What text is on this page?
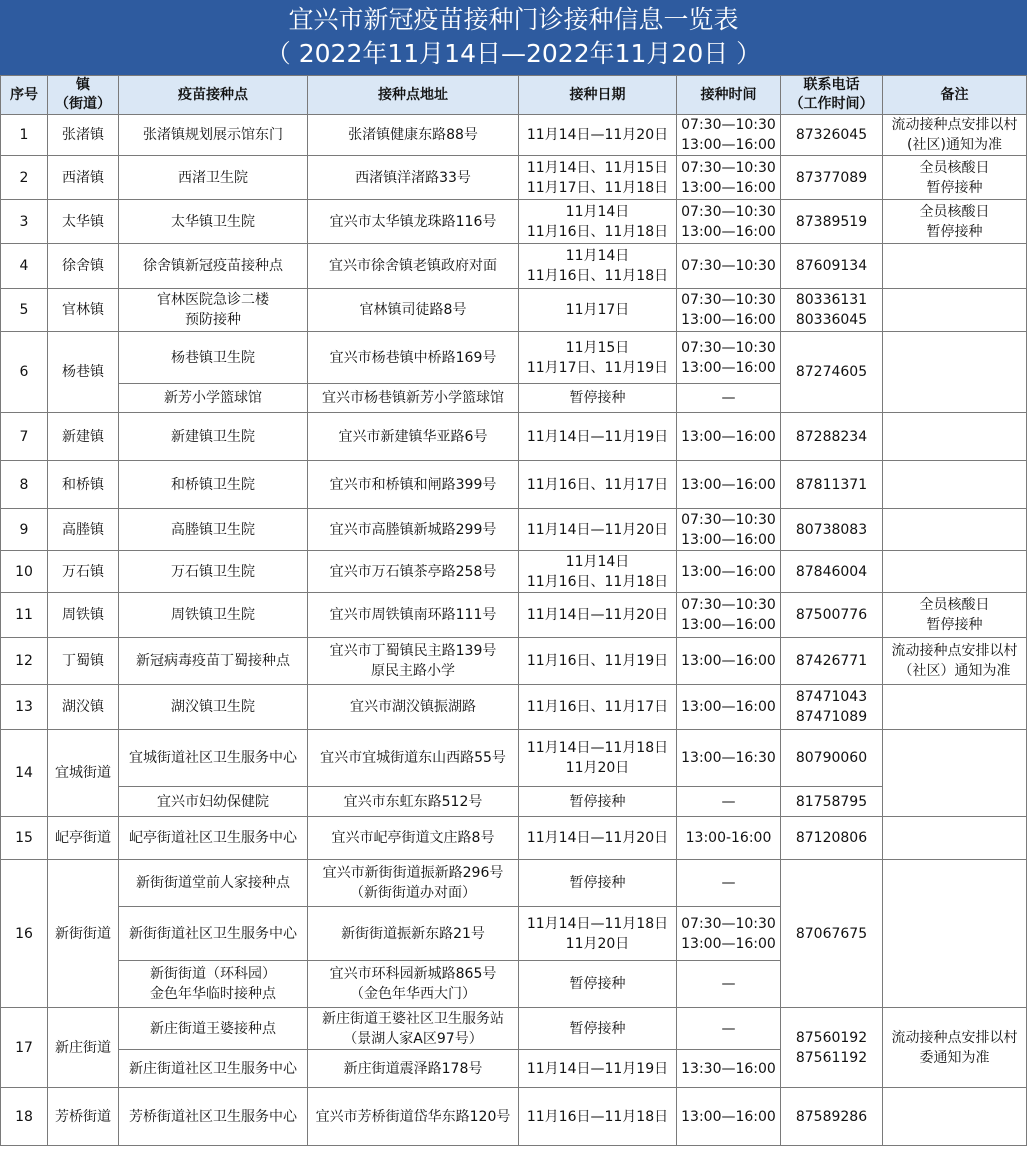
宜兴市新冠疫苗接种门诊接种信息一览表
（ 2022年11月14日—2022年11月20日 ）
序号	镇
（街道）	疫苗接种点	接种点地址	接种日期	接种时间	联系电话
（工作时间）	备注
1	张渚镇	张渚镇规划展示馆东门	张渚镇健康东路88号	11月14日—11月20日	07:30—10:30
13:00—16:00	87326045	流动接种点安排以村
(社区)通知为准
2	西渚镇	西渚卫生院	西渚镇洋渚路33号	11月14日、11月15日
11月17日、11月18日	07:30—10:30
13:00—16:00	87377089	全员核酸日
暂停接种
3	太华镇	太华镇卫生院	宜兴市太华镇龙珠路116号	11月14日
11月16日、11月18日	07:30—10:30
13:00—16:00	87389519	全员核酸日
暂停接种
4	徐舍镇	徐舍镇新冠疫苗接种点	宜兴市徐舍镇老镇政府对面	11月14日
11月16日、11月18日	07:30—10:30	87609134	
5	官林镇	官林医院急诊二楼
预防接种	官林镇司徒路8号	11月17日	07:30—10:30
13:00—16:00	80336131
80336045	
6	杨巷镇	杨巷镇卫生院	宜兴市杨巷镇中桥路169号	11月15日
11月17日、11月19日	07:30—10:30
13:00—16:00	87274605	
		新芳小学篮球馆	宜兴市杨巷镇新芳小学篮球馆	暂停接种	—		
7	新建镇	新建镇卫生院	宜兴市新建镇华亚路6号	11月14日—11月19日	13:00—16:00	87288234	
8	和桥镇	和桥镇卫生院	宜兴市和桥镇和闸路399号	11月16日、11月17日	13:00—16:00	87811371	
9	高塍镇	高塍镇卫生院	宜兴市高塍镇新城路299号	11月14日—11月20日	07:30—10:30
13:00—16:00	80738083	
10	万石镇	万石镇卫生院	宜兴市万石镇茶亭路258号	11月14日
11月16日、11月18日	13:00—16:00	87846004	
11	周铁镇	周铁镇卫生院	宜兴市周铁镇南环路111号	11月14日—11月20日	07:30—10:30
13:00—16:00	87500776	全员核酸日
暂停接种
12	丁蜀镇	新冠病毒疫苗丁蜀接种点	宜兴市丁蜀镇民主路139号
原民主路小学	11月16日、11月19日	13:00—16:00	87426771	流动接种点安排以村
（社区）通知为准
13	湖㳇镇	湖㳇镇卫生院	宜兴市湖㳇镇振湖路	11月16日、11月17日	13:00—16:00	87471043
87471089	
14	宜城街道	宜城街道社区卫生服务中心	宜兴市宜城街道东山西路55号	11月14日—11月18日
11月20日	13:00—16:30	80790060	
		宜兴市妇幼保健院	宜兴市东虹东路512号	暂停接种	—	81758795	
15	屺亭街道	屺亭街道社区卫生服务中心	宜兴市屺亭街道文庄路8号	11月14日—11月20日	13:00-16:00	87120806	
16	新街街道	新街街道堂前人家接种点	宜兴市新街街道振新路296号
（新街街道办对面）	暂停接种	—	87067675	
		新街街道社区卫生服务中心	新街街道振新东路21号	11月14日—11月18日
11月20日	07:30—10:30
13:00—16:00		
		新街街道（环科园）
金色年华临时接种点	宜兴市环科园新城路865号
（金色年华西大门）	暂停接种	—		
17	新庄街道	新庄街道王婆接种点	新庄街道王婆社区卫生服务站
（景湖人家A区97号）	暂停接种	—	87560192
87561192	流动接种点安排以村
委通知为准
		新庄街道社区卫生服务中心	新庄街道震泽路178号	11月14日—11月19日	13:30—16:00		
18	芳桥街道	芳桥街道社区卫生服务中心	宜兴市芳桥街道岱华东路120号	11月16日—11月18日	13:00—16:00	87589286	
